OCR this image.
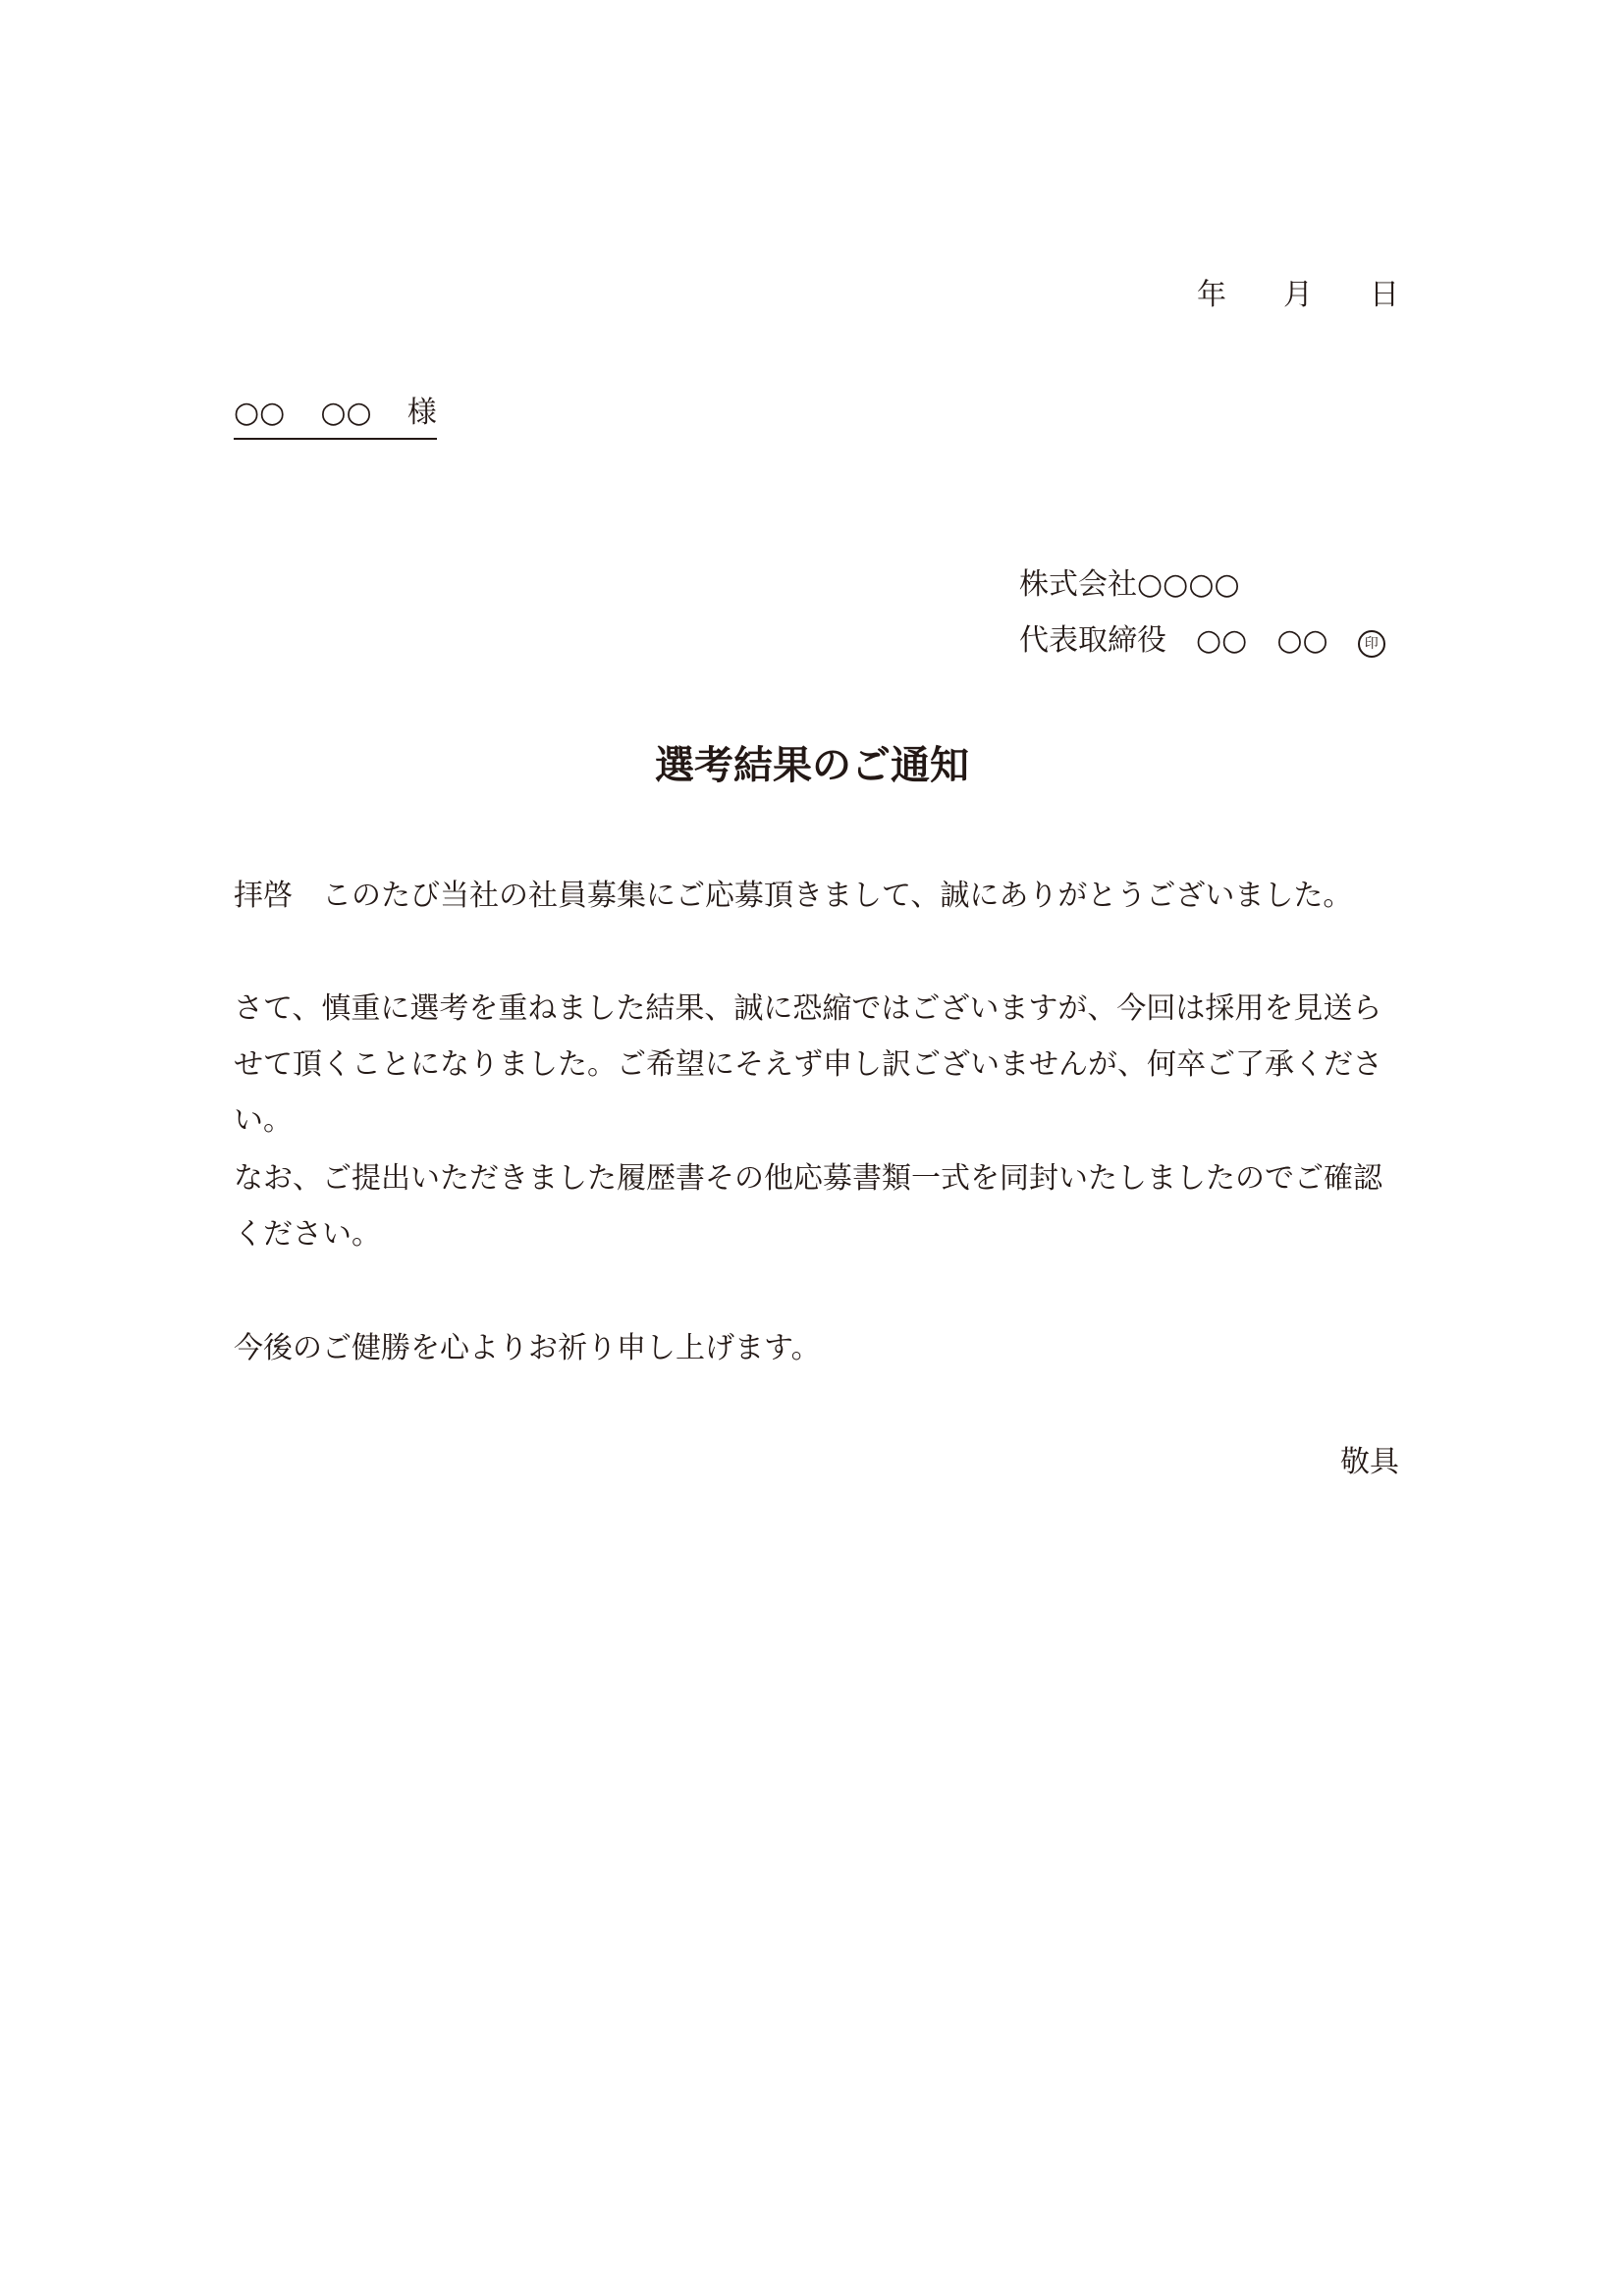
年 月 日
○○ ○○ 様
株式会社○○○○
代表取締役 ○○ ○○	印
選考結果のご通知
拝啓 このたび当社の社員募集にご応募頂きまして、誠にありがとうございました。
さて、慎重に選考を重ねました結果、誠に恐縮ではございますが、今回は採用を見送らせて頂くことになりました。ご希望にそえず申し訳ございませんが、何卒ご了承ください。
なお、ご提出いただきました履歴書その他応募書類一式を同封いたしましたのでご確認ください。
今後のご健勝を心よりお祈り申し上げます。
敬具
